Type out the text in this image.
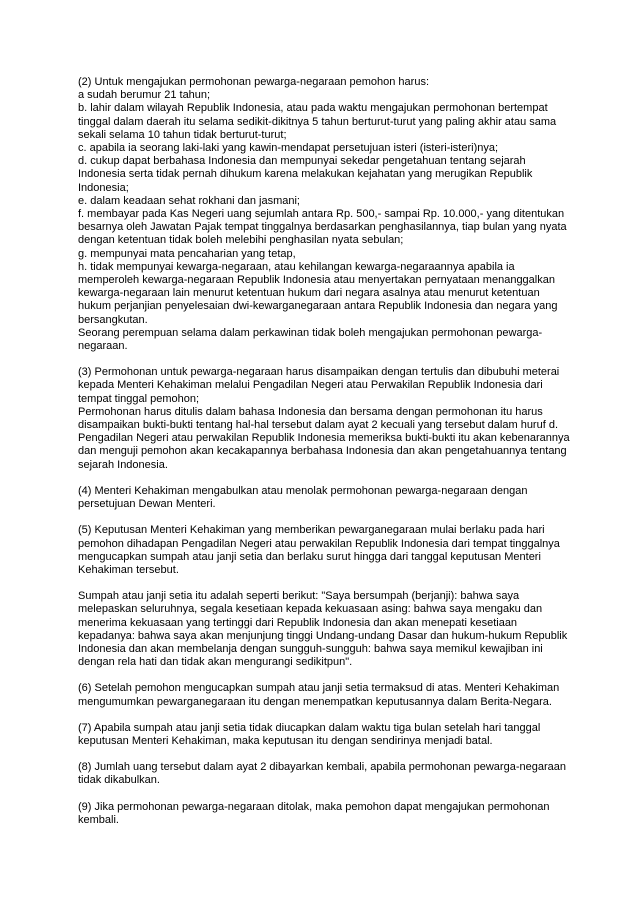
(2) Untuk mengajukan permohonan pewarga-negaraan pemohon harus:
a sudah berumur 21 tahun;
b. lahir dalam wilayah Republik Indonesia, atau pada waktu mengajukan permohonan bertempat
tinggal dalam daerah itu selama sedikit-dikitnya 5 tahun berturut-turut yang paling akhir atau sama
sekali selama 10 tahun tidak berturut-turut;
c. apabila ia seorang laki-laki yang kawin-mendapat persetujuan isteri (isteri-isteri)nya;
d. cukup dapat berbahasa Indonesia dan mempunyai sekedar pengetahuan tentang sejarah
Indonesia serta tidak pernah dihukum karena melakukan kejahatan yang merugikan Republik
Indonesia;
e. dalam keadaan sehat rokhani dan jasmani;
f. membayar pada Kas Negeri uang sejumlah antara Rp. 500,- sampai Rp. 10.000,- yang ditentukan
besarnya oleh Jawatan Pajak tempat tinggalnya berdasarkan penghasilannya, tiap bulan yang nyata
dengan ketentuan tidak boleh melebihi penghasilan nyata sebulan;
g. mempunyai mata pencaharian yang tetap,
h. tidak mempunyai kewarga-negaraan, atau kehilangan kewarga-negaraannya apabila ia
memperoleh kewarga-negaraan Republik Indonesia atau menyertakan pernyataan menanggalkan
kewarga-negaraan lain menurut ketentuan hukum dari negara asalnya atau menurut ketentuan
hukum perjanjian penyelesaian dwi-kewarganegaraan antara Republik Indonesia dan negara yang
bersangkutan.
Seorang perempuan selama dalam perkawinan tidak boleh mengajukan permohonan pewarga-
negaraan.
(3) Permohonan untuk pewarga-negaraan harus disampaikan dengan tertulis dan dibubuhi meterai
kepada Menteri Kehakiman melalui Pengadilan Negeri atau Perwakilan Republik Indonesia dari
tempat tinggal pemohon;
Permohonan harus ditulis dalam bahasa Indonesia dan bersama dengan permohonan itu harus
disampaikan bukti-bukti tentang hal-hal tersebut dalam ayat 2 kecuali yang tersebut dalam huruf d.
Pengadilan Negeri atau perwakilan Republik Indonesia memeriksa bukti-bukti itu akan kebenarannya
dan menguji pemohon akan kecakapannya berbahasa Indonesia dan akan pengetahuannya tentang
sejarah Indonesia.
(4) Menteri Kehakiman mengabulkan atau menolak permohonan pewarga-negaraan dengan
persetujuan Dewan Menteri.
(5) Keputusan Menteri Kehakiman yang memberikan pewarganegaraan mulai berlaku pada hari
pemohon dihadapan Pengadilan Negeri atau perwakilan Republik Indonesia dari tempat tinggalnya
mengucapkan sumpah atau janji setia dan berlaku surut hingga dari tanggal keputusan Menteri
Kehakiman tersebut.
Sumpah atau janji setia itu adalah seperti berikut: "Saya bersumpah (berjanji): bahwa saya
melepaskan seluruhnya, segala kesetiaan kepada kekuasaan asing: bahwa saya mengaku dan
menerima kekuasaan yang tertinggi dari Republik Indonesia dan akan menepati kesetiaan
kepadanya: bahwa saya akan menjunjung tinggi Undang-undang Dasar dan hukum-hukum Republik
Indonesia dan akan membelanja dengan sungguh-sungguh: bahwa saya memikul kewajiban ini
dengan rela hati dan tidak akan mengurangi sedikitpun".
(6) Setelah pemohon mengucapkan sumpah atau janji setia termaksud di atas. Menteri Kehakiman
mengumumkan pewarganegaraan itu dengan menempatkan keputusannya dalam Berita-Negara.
(7) Apabila sumpah atau janji setia tidak diucapkan dalam waktu tiga bulan setelah hari tanggal
keputusan Menteri Kehakiman, maka keputusan itu dengan sendirinya menjadi batal.
(8) Jumlah uang tersebut dalam ayat 2 dibayarkan kembali, apabila permohonan pewarga-negaraan
tidak dikabulkan.
(9) Jika permohonan pewarga-negaraan ditolak, maka pemohon dapat mengajukan permohonan
kembali.
